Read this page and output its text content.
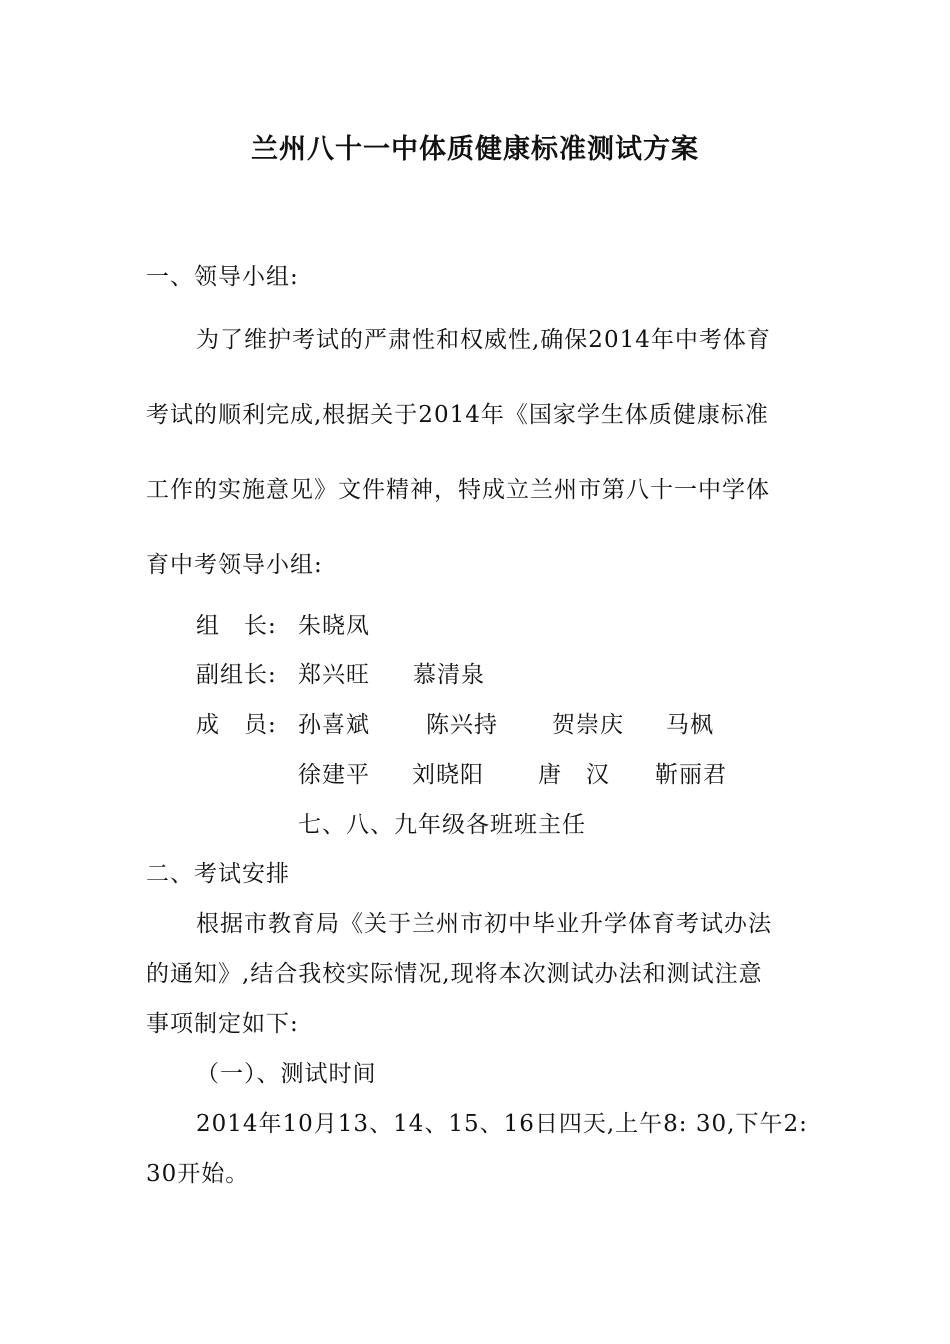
兰州八十一中体质健康标准测试方案
一、领导小组:
为了维护考试的严肃性和权威性,确保2014年中考体育
考试的顺利完成,根据关于2014年《国家学生体质健康标准
工作的实施意见》文件精神，特成立兰州市第八十一中学体
育中考领导小组:
组　长: 朱晓凤
副组长: 郑兴旺 慕清泉
成　员: 孙喜斌 陈兴持 贺崇庆 马枫
徐建平 刘晓阳 唐　汉 靳丽君
七、八、九年级各班班主任
二、考试安排
根据市教育局《关于兰州市初中毕业升学体育考试办法
的通知》,结合我校实际情况,现将本次测试办法和测试注意
事项制定如下:
（一）、测试时间
2014年10月13、14、15、16日四天,上午8: 30,下午2:
30开始。
